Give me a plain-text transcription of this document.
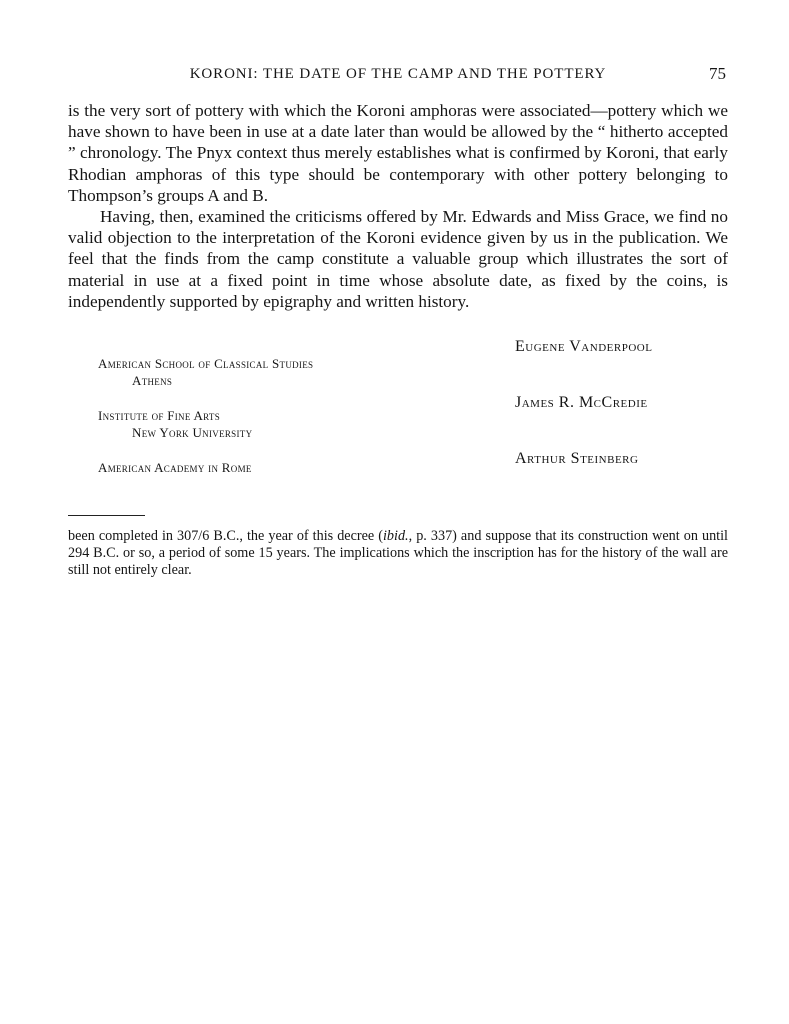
KORONI: THE DATE OF THE CAMP AND THE POTTERY	75

is the very sort of pottery with which the Koroni amphoras were associated—pottery which we have shown to have been in use at a date later than would be allowed by the “ hitherto accepted ” chronology. The Pnyx context thus merely establishes what is confirmed by Koroni, that early Rhodian amphoras of this type should be contemporary with other pottery belonging to Thompson’s groups A and B.

Having, then, examined the criticisms offered by Mr. Edwards and Miss Grace, we find no valid objection to the interpretation of the Koroni evidence given by us in the publication. We feel that the finds from the camp constitute a valuable group which illustrates the sort of material in use at a fixed point in time whose absolute date, as fixed by the coins, is independently supported by epigraphy and written history.

American School of Classical Studies
Athens
Institute of Fine Arts
New York University
American Academy in Rome
Eugene Vanderpool
James R. McCredie
Arthur Steinberg

been completed in 307/6 B.C., the year of this decree (ibid., p. 337) and suppose that its construction went on until 294 B.C. or so, a period of some 15 years. The implications which the inscription has for the history of the wall are still not entirely clear.
